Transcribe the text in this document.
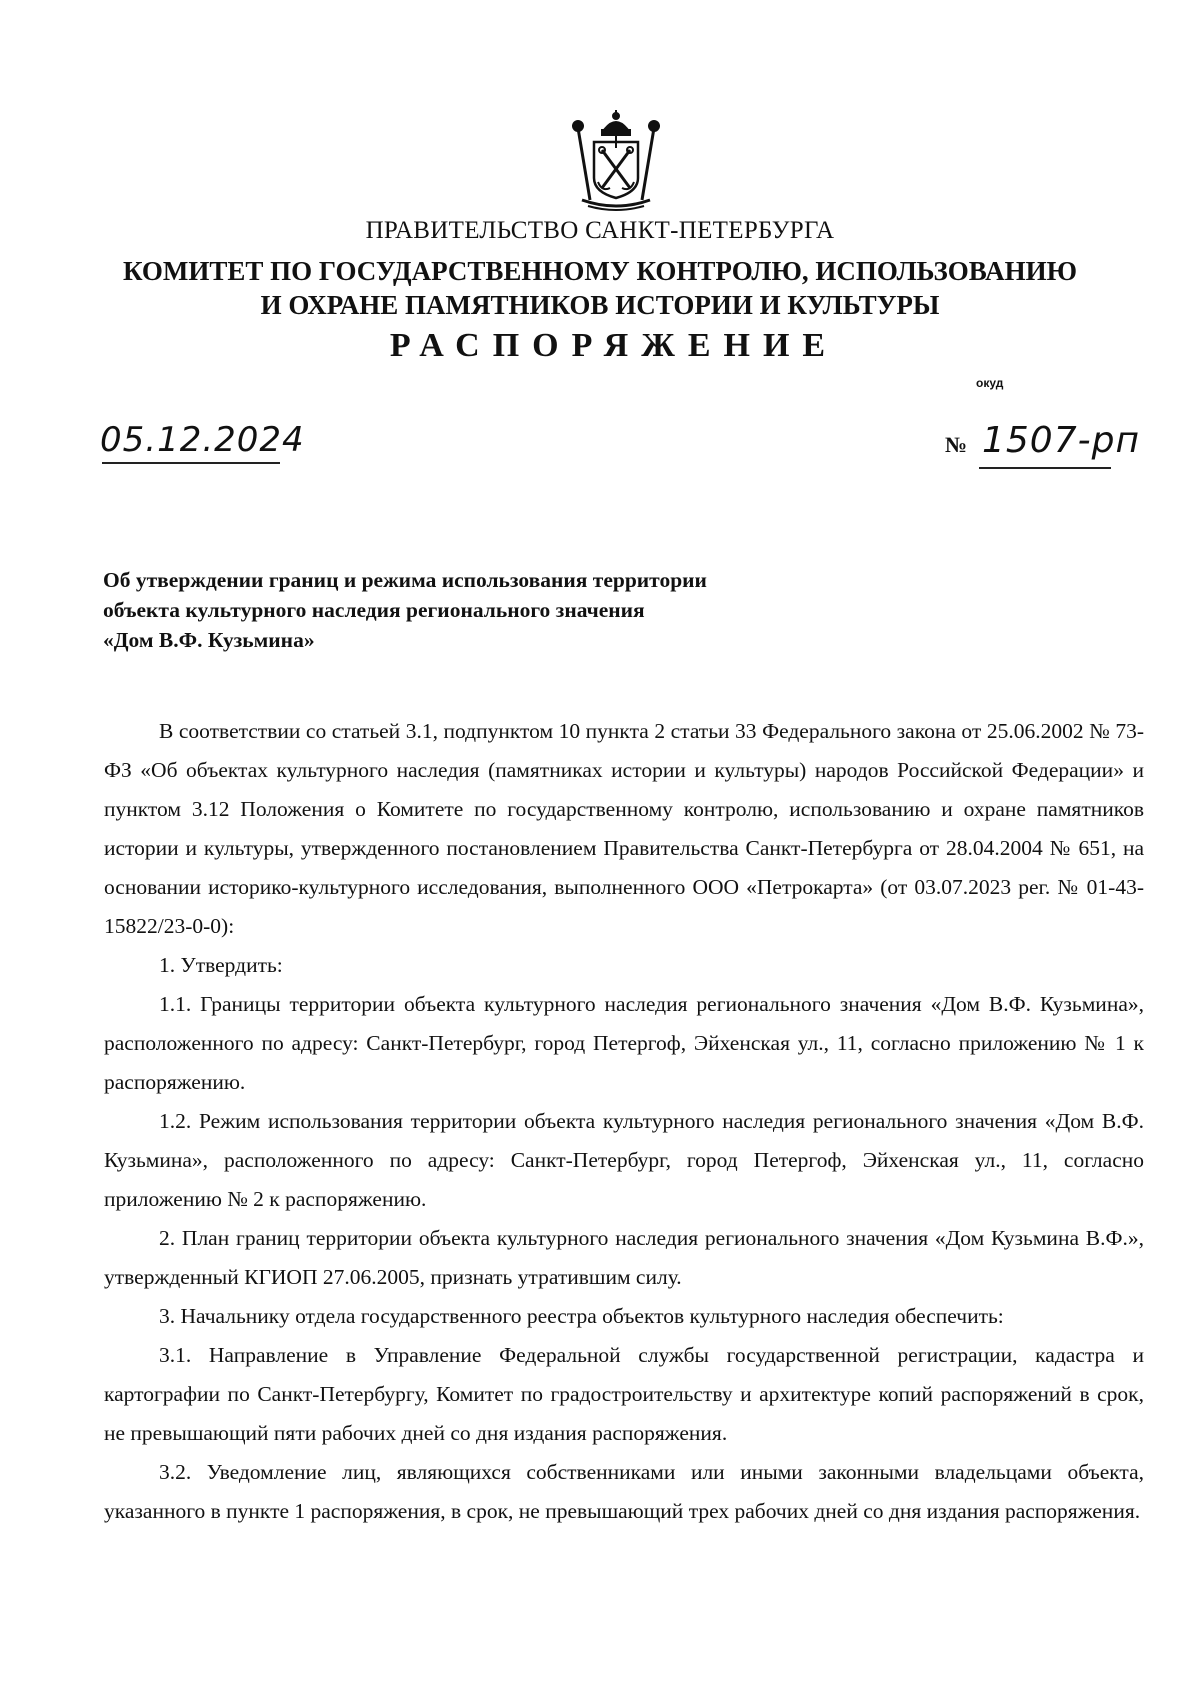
ПРАВИТЕЛЬСТВО САНКТ-ПЕТЕРБУРГА
КОМИТЕТ ПО ГОСУДАРСТВЕННОМУ КОНТРОЛЮ, ИСПОЛЬЗОВАНИЮ
И ОХРАНЕ ПАМЯТНИКОВ ИСТОРИИ И КУЛЬТУРЫ
РАСПОРЯЖЕНИЕ
окуд
05.12.2024	№ 1507-рп
Об утверждении границ и режима использования территории
объекта культурного наследия регионального значения
«Дом В.Ф. Кузьмина»

В соответствии со статьей 3.1, подпунктом 10 пункта 2 статьи 33 Федерального закона от 25.06.2002 № 73-ФЗ «Об объектах культурного наследия (памятниках истории и культуры) народов Российской Федерации» и пунктом 3.12 Положения о Комитете по государственному контролю, использованию и охране памятников истории и культуры, утвержденного постановлением Правительства Санкт-Петербурга от 28.04.2004 № 651, на основании историко-культурного исследования, выполненного ООО «Петрокарта» (от 03.07.2023 рег. № 01-43-15822/23-0-0):

1. Утвердить:

1.1. Границы территории объекта культурного наследия регионального значения «Дом В.Ф. Кузьмина», расположенного по адресу: Санкт-Петербург, город Петергоф, Эйхенская ул., 11, согласно приложению № 1 к распоряжению.

1.2. Режим использования территории объекта культурного наследия регионального значения «Дом В.Ф. Кузьмина», расположенного по адресу: Санкт-Петербург, город Петергоф, Эйхенская ул., 11, согласно приложению № 2 к распоряжению.

2. План границ территории объекта культурного наследия регионального значения «Дом Кузьмина В.Ф.», утвержденный КГИОП 27.06.2005, признать утратившим силу.

3. Начальнику отдела государственного реестра объектов культурного наследия обеспечить:

3.1. Направление в Управление Федеральной службы государственной регистрации, кадастра и картографии по Санкт-Петербургу, Комитет по градостроительству и архитектуре копий распоряжений в срок, не превышающий пяти рабочих дней со дня издания распоряжения.

3.2. Уведомление лиц, являющихся собственниками или иными законными владельцами объекта, указанного в пункте 1 распоряжения, в срок, не превышающий трех рабочих дней со дня издания распоряжения.
